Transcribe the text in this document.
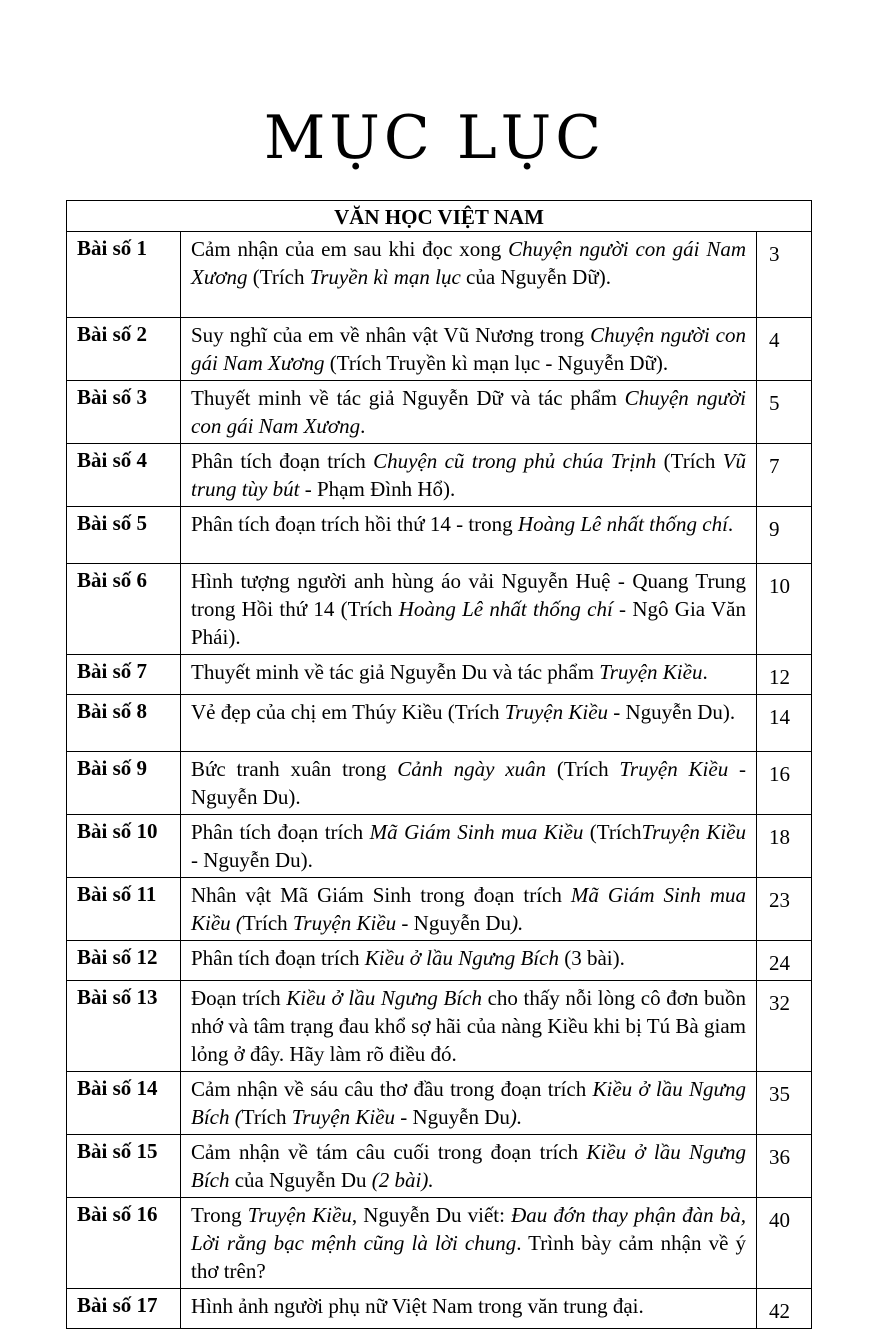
MỤC LỤC
VĂN HỌC VIỆT NAM		
Bài số 1	Cảm nhận của em sau khi đọc xong Chuyện người con gái Nam Xương (Trích Truyền kì mạn lục của Nguyễn Dữ).	3
Bài số 2	Suy nghĩ của em về nhân vật Vũ Nương trong Chuyện người con gái Nam Xương (Trích Truyền kì mạn lục - Nguyễn Dữ).	4
Bài số 3	Thuyết minh về tác giả Nguyễn Dữ và tác phẩm Chuyện người con gái Nam Xương.	5
Bài số 4	Phân tích đoạn trích Chuyện cũ trong phủ chúa Trịnh (Trích Vũ trung tùy bút - Phạm Đình Hổ).	7
Bài số 5	Phân tích đoạn trích hồi thứ 14 - trong Hoàng Lê nhất thống chí.	9
Bài số 6	Hình tượng người anh hùng áo vải Nguyễn Huệ - Quang Trung trong Hồi thứ 14 (Trích Hoàng Lê nhất thống chí - Ngô Gia Văn Phái).	10
Bài số 7	Thuyết minh về tác giả Nguyễn Du và tác phẩm Truyện Kiều.	12
Bài số 8	Vẻ đẹp của chị em Thúy Kiều (Trích Truyện Kiều - Nguyễn Du).	14
Bài số 9	Bức tranh xuân trong Cảnh ngày xuân (Trích Truyện Kiều - Nguyễn Du).	16
Bài số 10	Phân tích đoạn trích Mã Giám Sinh mua Kiều (TríchTruyện Kiều - Nguyễn Du).	18
Bài số 11	Nhân vật Mã Giám Sinh trong đoạn trích Mã Giám Sinh mua Kiều (Trích Truyện Kiều - Nguyễn Du).	23
Bài số 12	Phân tích đoạn trích Kiều ở lầu Ngưng Bích (3 bài).	24
Bài số 13	Đoạn trích Kiều ở lầu Ngưng Bích cho thấy nỗi lòng cô đơn buồn nhớ và tâm trạng đau khổ sợ hãi của nàng Kiều khi bị Tú Bà giam lỏng ở đây. Hãy làm rõ điều đó.	32
Bài số 14	Cảm nhận về sáu câu thơ đầu trong đoạn trích Kiều ở lầu Ngưng Bích (Trích Truyện Kiều - Nguyễn Du).	35
Bài số 15	Cảm nhận về tám câu cuối trong đoạn trích Kiều ở lầu Ngưng Bích của Nguyễn Du (2 bài).	36
Bài số 16	Trong Truyện Kiều, Nguyễn Du viết: Đau đớn thay phận đàn bà, Lời rằng bạc mệnh cũng là lời chung. Trình bày cảm nhận về ý thơ trên?	40
Bài số 17	Hình ảnh người phụ nữ Việt Nam trong văn trung đại.	42
